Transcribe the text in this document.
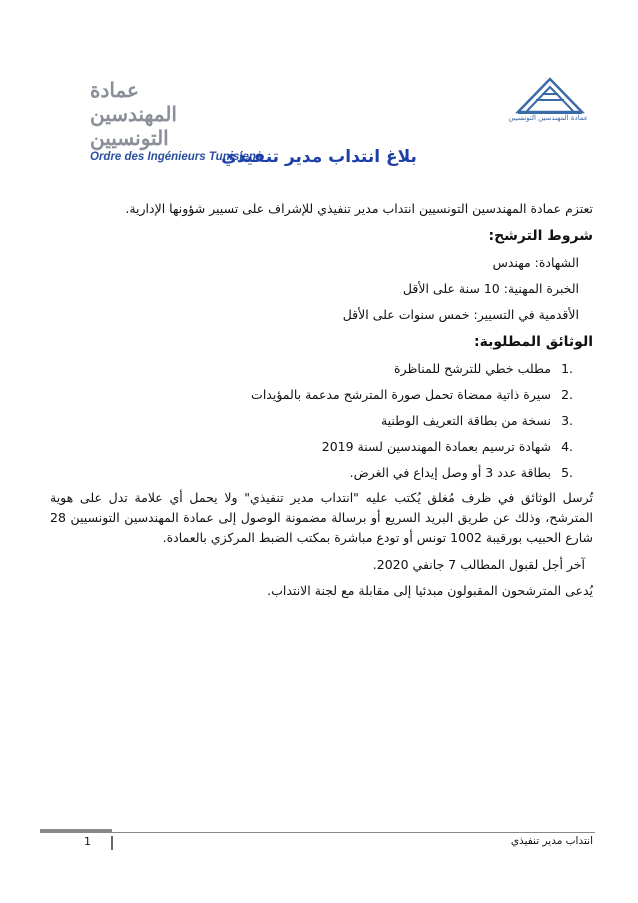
عمادة المهندسين التونسيين
Ordre des Ingénieurs Tunisiens
عمادة المهندسين التونسيين
بلاغ انتداب مدير تنفيذي

تعتزم عمادة المهندسين التونسيين انتداب مدير تنفيذي للإشراف على تسيير شؤونها الإدارية.

شروط الترشح:

الشهادة: مهندس

الخبرة المهنية: 10 سنة على الأقل

الأقدمية في التسيير: خمس سنوات على الأقل

الوثائق المطلوبة:

1.
مطلب خطي للترشح للمناظرة
2.
سيرة ذاتية ممضاة تحمل صورة المترشح مدعمة بالمؤيدات
3.
نسخة من بطاقة التعريف الوطنية
4.
شهادة ترسيم بعمادة المهندسين لسنة 2019
5.
بطاقة عدد 3 أو وصل إيداع في الغرض.

تُرسل الوثائق في ظرف مُغلق يُكتب عليه "انتداب مدير تنفيذي" ولا يحمل أي علامة تدل على هوية المترشح، وذلك عن طريق البريد السريع أو برسالة مضمونة الوصول إلى عمادة المهندسين التونسيين 28 شارع الحبيب بورقيبة 1002 تونس أو تودع مباشرة بمكتب الضبط المركزي بالعمادة.

آخر أجل لقبول المطالب 7 جانفي 2020.

يُدعى المترشحون المقبولون مبدئيا إلى مقابلة مع لجنة الانتداب.

1	انتداب مدير تنفيذي
